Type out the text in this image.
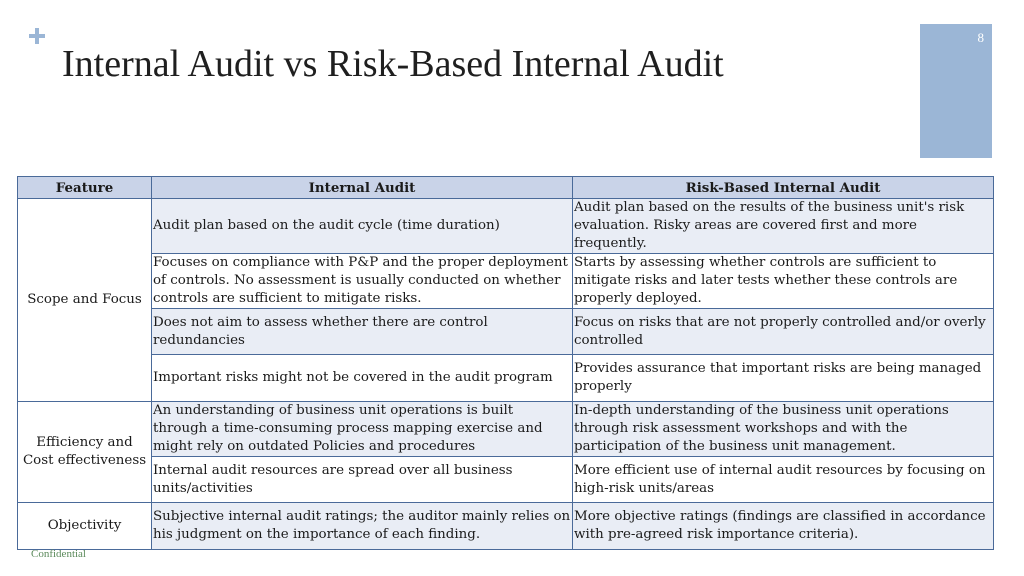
Internal Audit vs Risk-Based Internal Audit
8
Feature	Internal Audit	Risk-Based Internal Audit
Scope and Focus	Audit plan based on the audit cycle (time duration)	Audit plan based on the results of the business unit's risk evaluation. Risky areas are covered first and more frequently.
	Focuses on compliance with P&P and the proper deployment of controls. No assessment is usually conducted on whether controls are sufficient to mitigate risks.	Starts by assessing whether controls are sufficient to mitigate risks and later tests whether these controls are properly deployed.
	Does not aim to assess whether there are control redundancies	Focus on risks that are not properly controlled and/or overly controlled
	Important risks might not be covered in the audit program	Provides assurance that important risks are being managed properly
Efficiency and Cost effectiveness	An understanding of business unit operations is built through a time-consuming process mapping exercise and might rely on outdated Policies and procedures	In-depth understanding of the business unit operations through risk assessment workshops and with the participation of the business unit management.
	Internal audit resources are spread over all business units/activities	More efficient use of internal audit resources by focusing on high-risk units/areas
Objectivity	Subjective internal audit ratings; the auditor mainly relies on his judgment on the importance of each finding.	More objective ratings (findings are classified in accordance with pre-agreed risk importance criteria).
Confidential
